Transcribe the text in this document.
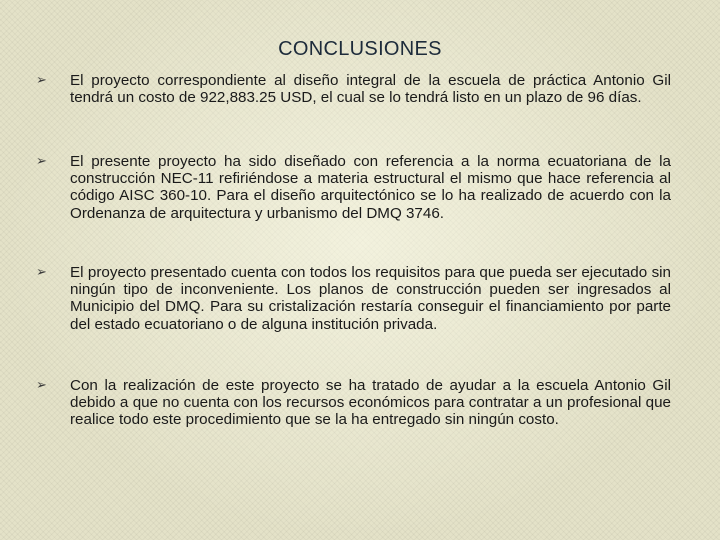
CONCLUSIONES
➢ El proyecto correspondiente al diseño integral de la escuela de práctica Antonio Gil tendrá un costo de 922,883.25 USD, el cual se lo tendrá listo en un plazo de 96 días.
➢ El presente proyecto ha sido diseñado con referencia a la norma ecuatoriana de la construcción NEC-11 refiriéndose a materia estructural el mismo que hace referencia al código AISC 360-10. Para el diseño arquitectónico se lo ha realizado de acuerdo con la Ordenanza de arquitectura y urbanismo del DMQ 3746.
➢ El proyecto presentado cuenta con todos los requisitos para que pueda ser ejecutado sin ningún tipo de inconveniente. Los planos de construcción pueden ser ingresados al Municipio del DMQ. Para su cristalización restaría conseguir el financiamiento por parte del estado ecuatoriano o de alguna institución privada.
➢ Con la realización de este proyecto se ha tratado de ayudar a la escuela Antonio Gil debido a que no cuenta con los recursos económicos para contratar a un profesional que realice todo este procedimiento que se la ha entregado sin ningún costo.
